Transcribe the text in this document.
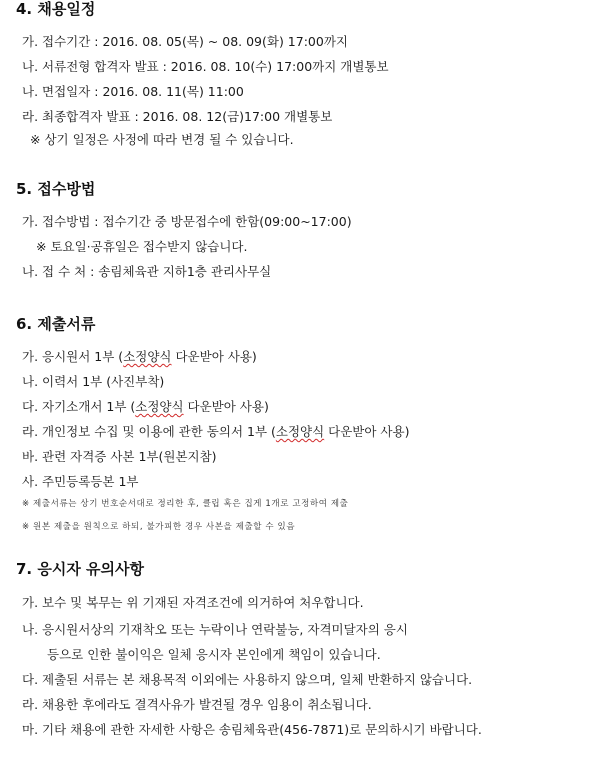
4. 채용일정
가. 접수기간 : 2016. 08. 05(목) ~ 08. 09(화) 17:00까지
나. 서류전형 합격자 발표 : 2016. 08. 10(수) 17:00까지 개별통보
나. 면접일자 : 2016. 08. 11(목) 11:00
라. 최종합격자 발표 : 2016. 08. 12(금)17:00 개별통보
※ 상기 일정은 사정에 따라 변경 될 수 있습니다.
5. 접수방법
가. 접수방법 : 접수기간 중 방문접수에 한함(09:00~17:00)
※ 토요일·공휴일은 접수받지 않습니다.
나. 접 수 처 : 송림체육관 지하1층 관리사무실
6. 제출서류
가. 응시원서 1부 (소정양식 다운받아 사용)
나. 이력서 1부 (사진부착)
다. 자기소개서 1부 (소정양식 다운받아 사용)
라. 개인정보 수집 및 이용에 관한 동의서 1부 (소정양식 다운받아 사용)
바. 관련 자격증 사본 1부(원본지참)
사. 주민등록등본 1부
※ 제출서류는 상기 번호순서대로 정리한 후, 클립 혹은 집게 1개로 고정하여 제출
※ 원본 제출을 원칙으로 하되, 불가피한 경우 사본을 제출할 수 있음
7. 응시자 유의사항
가. 보수 및 복무는 위 기재된 자격조건에 의거하여 처우합니다.
나. 응시원서상의 기재착오 또는 누락이나 연락불능, 자격미달자의 응시
등으로 인한 불이익은 일체 응시자 본인에게 책임이 있습니다.
다. 제출된 서류는 본 채용목적 이외에는 사용하지 않으며, 일체 반환하지 않습니다.
라. 채용한 후에라도 결격사유가 발견될 경우 임용이 취소됩니다.
마. 기타 채용에 관한 자세한 사항은 송림체육관(456-7871)로 문의하시기 바랍니다.
